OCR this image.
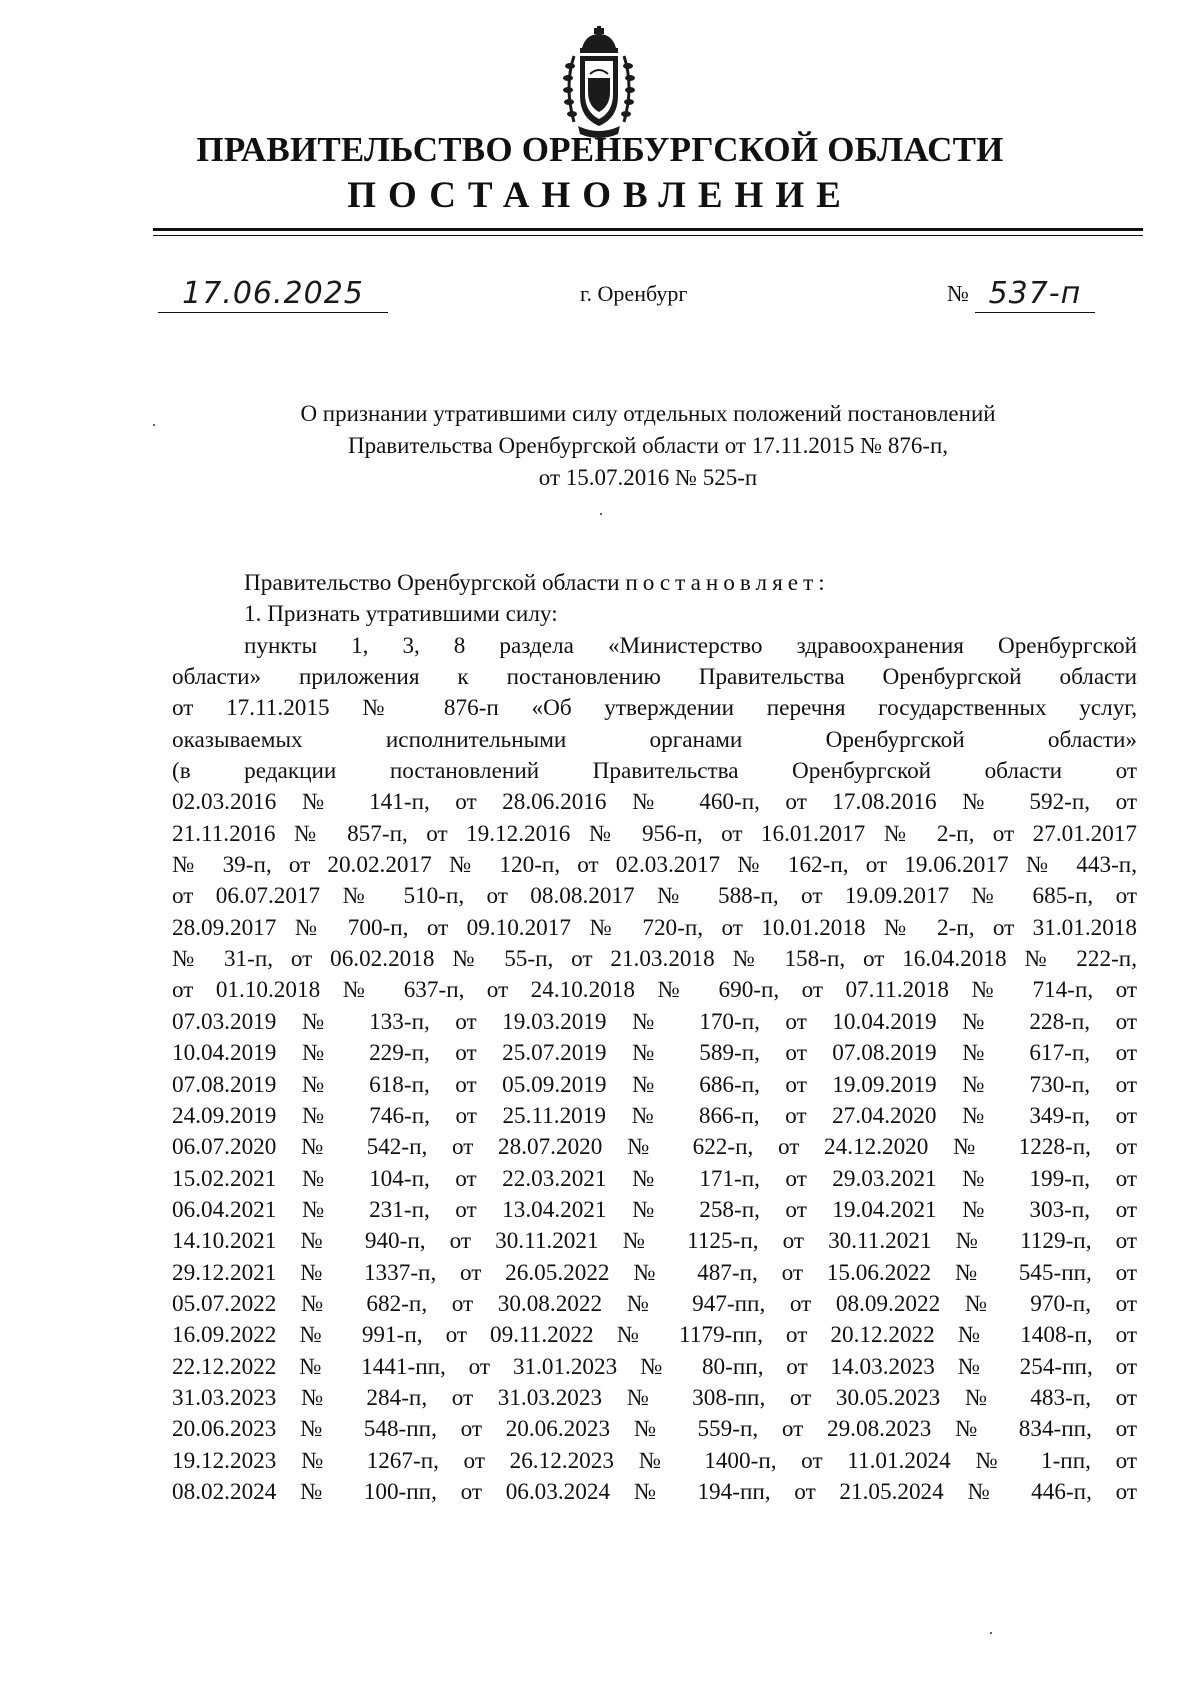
ПРАВИТЕЛЬСТВО ОРЕНБУРГСКОЙ ОБЛАСТИ
ПОСТАНОВЛЕНИЕ
17.06.2025	г. Оренбург	№ 537-п
О признании утратившими силу отдельных положений постановлений
Правительства Оренбургской области от 17.11.2015 № 876-п,
от 15.07.2016 № 525-п
Правительство Оренбургской области постановляет:
1. Признать утратившими силу:
пункты 1, 3, 8 раздела «Министерство здравоохранения Оренбургской
области» приложения к постановлению Правительства Оренбургской области
от 17.11.2015 № 876-п «Об утверждении перечня государственных услуг,
оказываемых исполнительными органами Оренбургской области»
(в редакции постановлений Правительства Оренбургской области от
02.03.2016 № 141-п, от 28.06.2016 № 460-п, от 17.08.2016 № 592-п, от
21.11.2016 № 857-п, от 19.12.2016 № 956-п, от 16.01.2017 № 2-п, от 27.01.2017
№ 39-п, от 20.02.2017 № 120-п, от 02.03.2017 № 162-п, от 19.06.2017 № 443-п,
от 06.07.2017 № 510-п, от 08.08.2017 № 588-п, от 19.09.2017 № 685-п, от
28.09.2017 № 700-п, от 09.10.2017 № 720-п, от 10.01.2018 № 2-п, от 31.01.2018
№ 31-п, от 06.02.2018 № 55-п, от 21.03.2018 № 158-п, от 16.04.2018 № 222-п,
от 01.10.2018 № 637-п, от 24.10.2018 № 690-п, от 07.11.2018 № 714-п, от
07.03.2019 № 133-п, от 19.03.2019 № 170-п, от 10.04.2019 № 228-п, от
10.04.2019 № 229-п, от 25.07.2019 № 589-п, от 07.08.2019 № 617-п, от
07.08.2019 № 618-п, от 05.09.2019 № 686-п, от 19.09.2019 № 730-п, от
24.09.2019 № 746-п, от 25.11.2019 № 866-п, от 27.04.2020 № 349-п, от
06.07.2020 № 542-п, от 28.07.2020 № 622-п, от 24.12.2020 № 1228-п, от
15.02.2021 № 104-п, от 22.03.2021 № 171-п, от 29.03.2021 № 199-п, от
06.04.2021 № 231-п, от 13.04.2021 № 258-п, от 19.04.2021 № 303-п, от
14.10.2021 № 940-п, от 30.11.2021 № 1125-п, от 30.11.2021 № 1129-п, от
29.12.2021 № 1337-п, от 26.05.2022 № 487-п, от 15.06.2022 № 545-пп, от
05.07.2022 № 682-п, от 30.08.2022 № 947-пп, от 08.09.2022 № 970-п, от
16.09.2022 № 991-п, от 09.11.2022 № 1179-пп, от 20.12.2022 № 1408-п, от
22.12.2022 № 1441-пп, от 31.01.2023 № 80-пп, от 14.03.2023 № 254-пп, от
31.03.2023 № 284-п, от 31.03.2023 № 308-пп, от 30.05.2023 № 483-п, от
20.06.2023 № 548-пп, от 20.06.2023 № 559-п, от 29.08.2023 № 834-пп, от
19.12.2023 № 1267-п, от 26.12.2023 № 1400-п, от 11.01.2024 № 1-пп, от
08.02.2024 № 100-пп, от 06.03.2024 № 194-пп, от 21.05.2024 № 446-п, от
